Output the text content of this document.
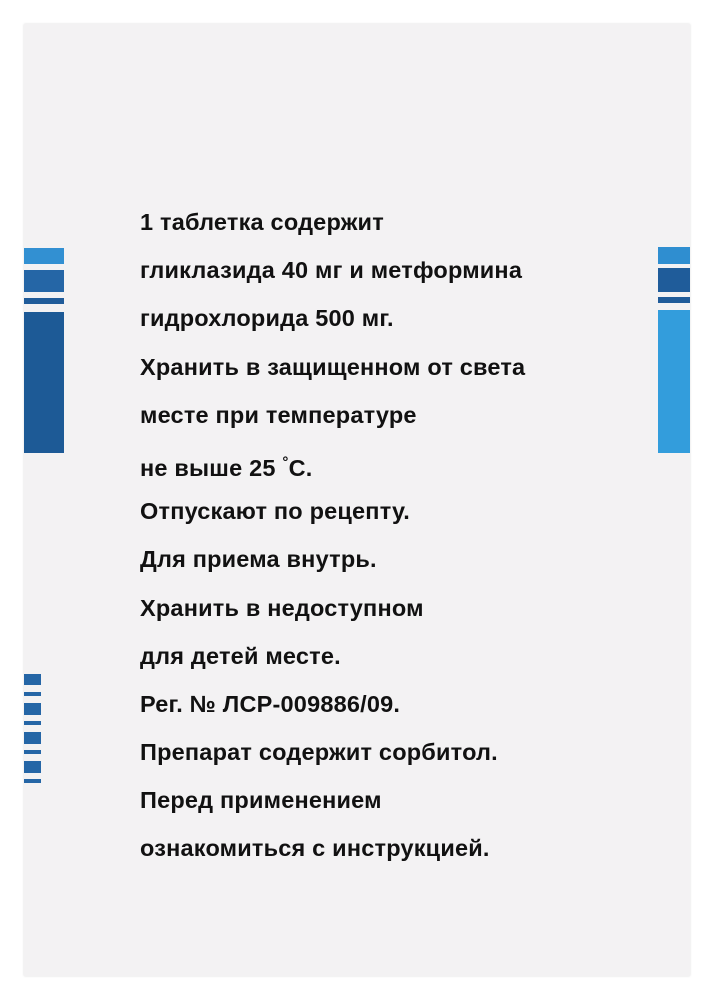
1 таблетка содержит
гликлазида 40 мг и метформина
гидрохлорида 500 мг.
Хранить в защищенном от света
месте при температуре
не выше 25 °С.
Отпускают по рецепту.
Для приема внутрь.
Хранить в недоступном
для детей месте.
Рег. № ЛСР-009886/09.
Препарат содержит сорбитол.
Перед применением
ознакомиться с инструкцией.
